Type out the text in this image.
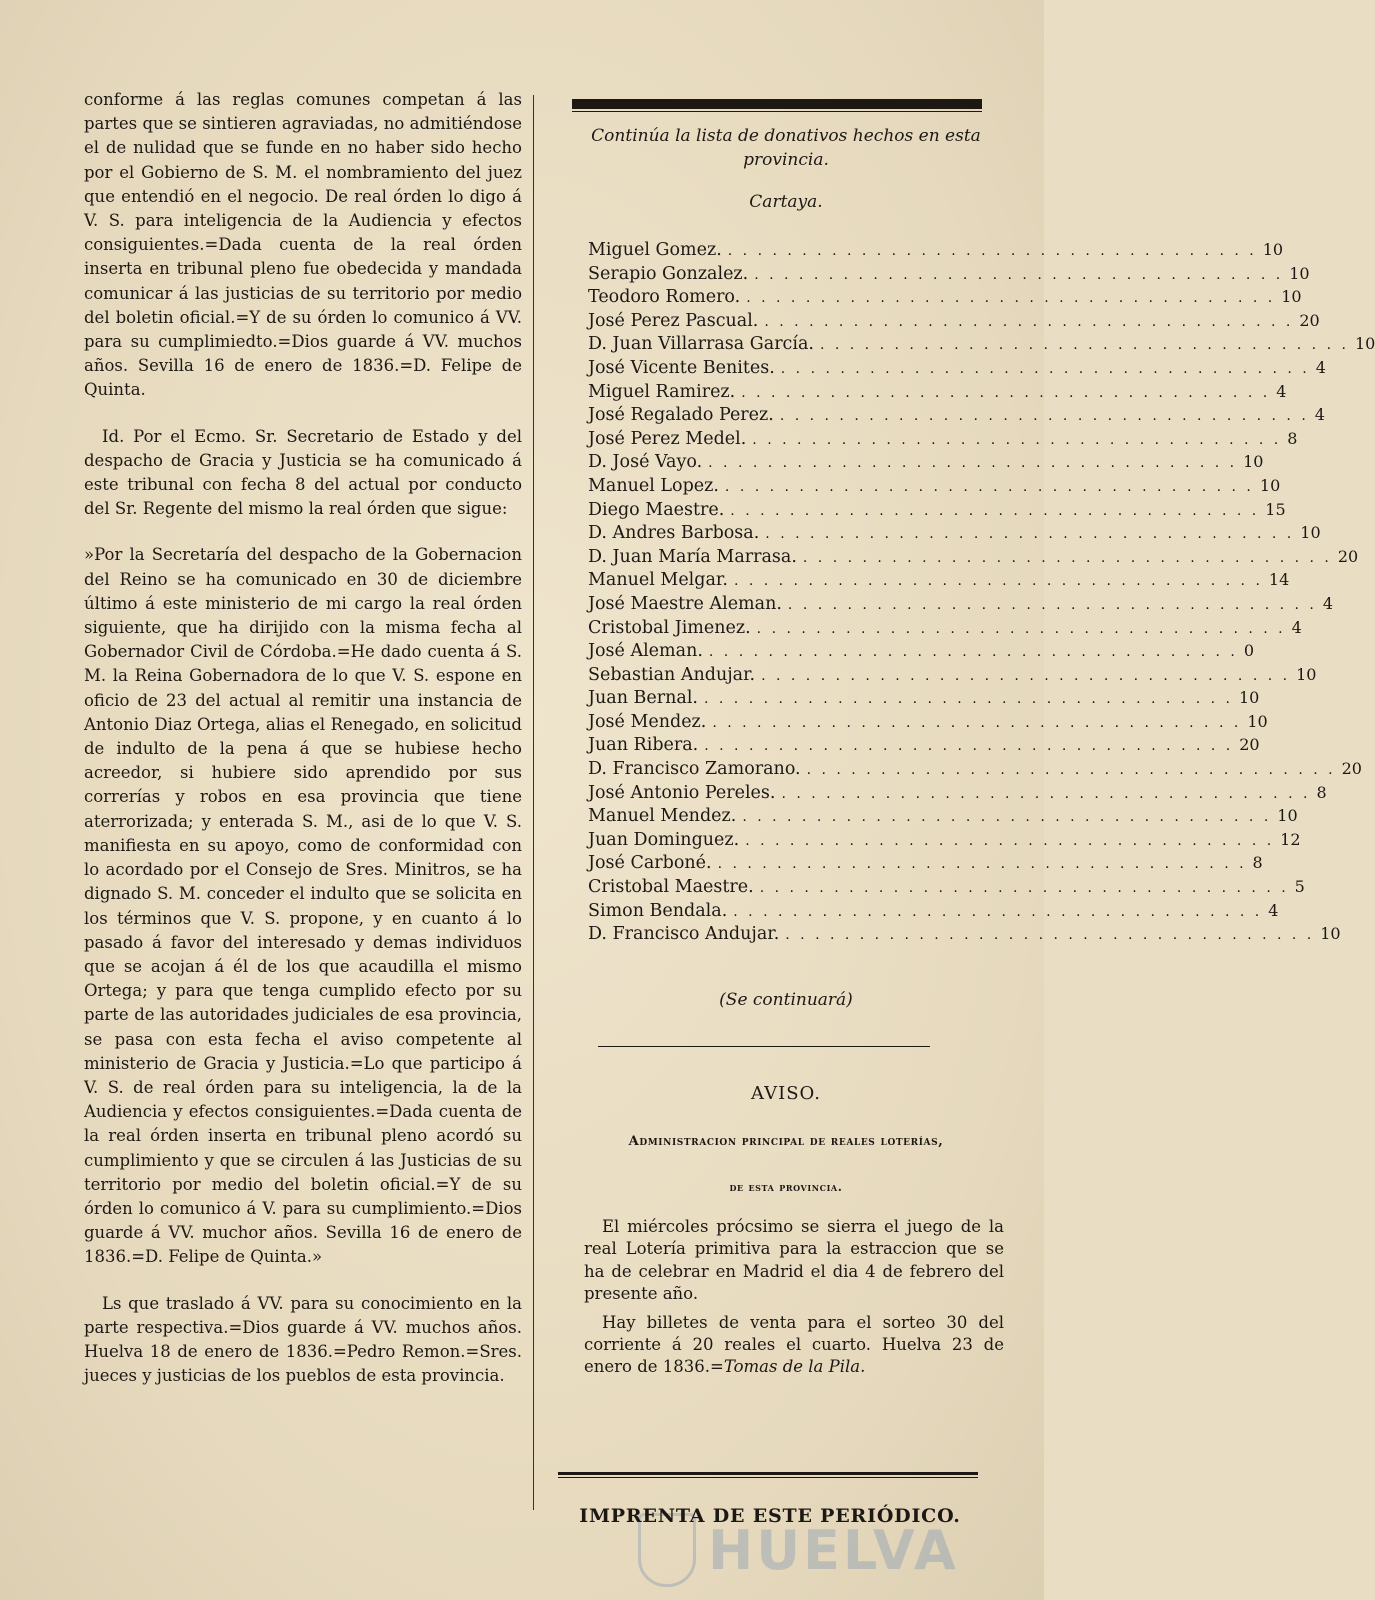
conforme á las reglas comunes competan á las partes que se sintieren agraviadas, no admitiéndose el de nulidad que se funde en no haber sido hecho por el Gobierno de S. M. el nombramiento del juez que entendió en el negocio. De real órden lo digo á V. S. para inteligencia de la Audiencia y efectos consiguientes.=Dada cuenta de la real órden inserta en tribunal pleno fue obedecida y mandada comunicar á las justicias de su territorio por medio del boletin oficial.=Y de su órden lo comunico á VV. para su cumplimiedto.=Dios guarde á VV. muchos años. Sevilla 16 de enero de 1836.=D. Felipe de Quinta.

Id. Por el Ecmo. Sr. Secretario de Estado y del despacho de Gracia y Justicia se ha comunicado á este tribunal con fecha 8 del actual por conducto del Sr. Regente del mismo la real órden que sigue:

»Por la Secretaría del despacho de la Gobernacion del Reino se ha comunicado en 30 de diciembre último á este ministerio de mi cargo la real órden siguiente, que ha dirijido con la misma fecha al Gobernador Civil de Córdoba.=He dado cuenta á S. M. la Reina Gobernadora de lo que V. S. espone en oficio de 23 del actual al remitir una instancia de Antonio Diaz Ortega, alias el Renegado, en solicitud de indulto de la pena á que se hubiese hecho acreedor, si hubiere sido aprendido por sus correrías y robos en esa provincia que tiene aterrorizada; y enterada S. M., asi de lo que V. S. manifiesta en su apoyo, como de conformidad con lo acordado por el Consejo de Sres. Minitros, se ha dignado S. M. conceder el indulto que se solicita en los términos que V. S. propone, y en cuanto á lo pasado á favor del interesado y demas individuos que se acojan á él de los que acaudilla el mismo Ortega; y para que tenga cumplido efecto por su parte de las autoridades judiciales de esa provincia, se pasa con esta fecha el aviso competente al ministerio de Gracia y Justicia.=Lo que participo á V. S. de real órden para su inteligencia, la de la Audiencia y efectos consiguientes.=Dada cuenta de la real órden inserta en tribunal pleno acordó su cumplimiento y que se circulen á las Justicias de su territorio por medio del boletin oficial.=Y de su órden lo comunico á V. para su cumplimiento.=Dios guarde á VV. muchor años. Sevilla 16 de enero de 1836.=D. Felipe de Quinta.»

Ls que traslado á VV. para su conocimiento en la parte respectiva.=Dios guarde á VV. muchos años. Huelva 18 de enero de 1836.=Pedro Remon.=Sres. jueces y justicias de los pueblos de esta provincia.

Continúa la lista de donativos hechos en esta provincia.
Cartaya.
Miguel Gomez. . . . . . . . . . . . . . . . . . . . . . . . . . . . . . . . . . . . . 10
Serapio Gonzalez. . . . . . . . . . . . . . . . . . . . . . . . . . . . . . . . . . . . . 10
Teodoro Romero. . . . . . . . . . . . . . . . . . . . . . . . . . . . . . . . . . . . . 10
José Perez Pascual. . . . . . . . . . . . . . . . . . . . . . . . . . . . . . . . . . . . . 20
D. Juan Villarrasa García. . . . . . . . . . . . . . . . . . . . . . . . . . . . . . . . . . . . . 10
José Vicente Benites. . . . . . . . . . . . . . . . . . . . . . . . . . . . . . . . . . . . . 4
Miguel Ramirez. . . . . . . . . . . . . . . . . . . . . . . . . . . . . . . . . . . . . 4
José Regalado Perez. . . . . . . . . . . . . . . . . . . . . . . . . . . . . . . . . . . . . 4
José Perez Medel. . . . . . . . . . . . . . . . . . . . . . . . . . . . . . . . . . . . . 8
D. José Vayo. . . . . . . . . . . . . . . . . . . . . . . . . . . . . . . . . . . . . 10
Manuel Lopez. . . . . . . . . . . . . . . . . . . . . . . . . . . . . . . . . . . . . 10
Diego Maestre. . . . . . . . . . . . . . . . . . . . . . . . . . . . . . . . . . . . . 15
D. Andres Barbosa. . . . . . . . . . . . . . . . . . . . . . . . . . . . . . . . . . . . . 10
D. Juan María Marrasa. . . . . . . . . . . . . . . . . . . . . . . . . . . . . . . . . . . . . 20
Manuel Melgar. . . . . . . . . . . . . . . . . . . . . . . . . . . . . . . . . . . . . 14
José Maestre Aleman. . . . . . . . . . . . . . . . . . . . . . . . . . . . . . . . . . . . . 4
Cristobal Jimenez. . . . . . . . . . . . . . . . . . . . . . . . . . . . . . . . . . . . . 4
José Aleman. . . . . . . . . . . . . . . . . . . . . . . . . . . . . . . . . . . . . 0
Sebastian Andujar. . . . . . . . . . . . . . . . . . . . . . . . . . . . . . . . . . . . . 10
Juan Bernal. . . . . . . . . . . . . . . . . . . . . . . . . . . . . . . . . . . . . 10
José Mendez. . . . . . . . . . . . . . . . . . . . . . . . . . . . . . . . . . . . . 10
Juan Ribera. . . . . . . . . . . . . . . . . . . . . . . . . . . . . . . . . . . . . 20
D. Francisco Zamorano. . . . . . . . . . . . . . . . . . . . . . . . . . . . . . . . . . . . . 20
José Antonio Pereles. . . . . . . . . . . . . . . . . . . . . . . . . . . . . . . . . . . . . 8
Manuel Mendez. . . . . . . . . . . . . . . . . . . . . . . . . . . . . . . . . . . . . 10
Juan Dominguez. . . . . . . . . . . . . . . . . . . . . . . . . . . . . . . . . . . . . 12
José Carboné. . . . . . . . . . . . . . . . . . . . . . . . . . . . . . . . . . . . . 8
Cristobal Maestre. . . . . . . . . . . . . . . . . . . . . . . . . . . . . . . . . . . . . 5
Simon Bendala. . . . . . . . . . . . . . . . . . . . . . . . . . . . . . . . . . . . . 4
D. Francisco Andujar. . . . . . . . . . . . . . . . . . . . . . . . . . . . . . . . . . . . . 10
(Se continuará)
AVISO.
Administracion principal de reales loterías,
de esta provincia.

El miércoles prócsimo se sierra el juego de la real Lotería primitiva para la estraccion que se ha de celebrar en Madrid el dia 4 de febrero del presente año.

Hay billetes de venta para el sorteo 30 del corriente á 20 reales el cuarto. Huelva 23 de enero de 1836.=Tomas de la Pila.

HUELVA
IMPRENTA DE ESTE PERIÓDICO.
